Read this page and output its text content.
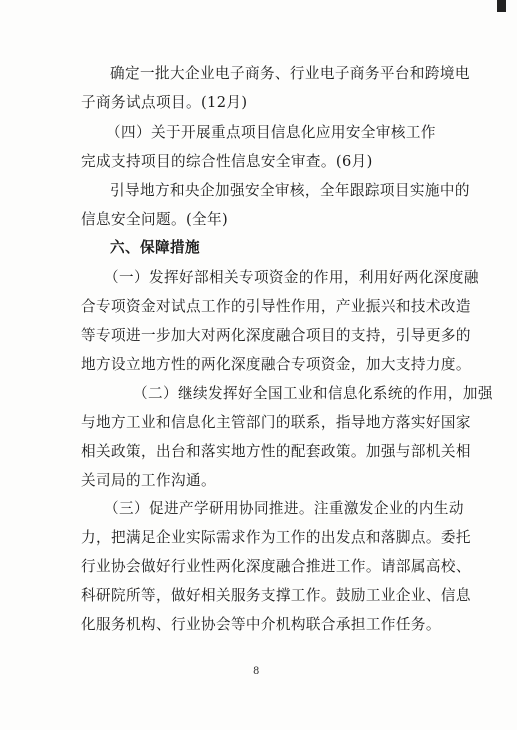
确定一批大企业电子商务、行业电子商务平台和跨境电
子商务试点项目。(12月)
（四）关于开展重点项目信息化应用安全审核工作
完成支持项目的综合性信息安全审查。(6月)
引导地方和央企加强安全审核，全年跟踪项目实施中的
信息安全问题。(全年)
六、保障措施
（一）发挥好部相关专项资金的作用，利用好两化深度融
合专项资金对试点工作的引导性作用，产业振兴和技术改造
等专项进一步加大对两化深度融合项目的支持，引导更多的
地方设立地方性的两化深度融合专项资金，加大支持力度。
（二）继续发挥好全国工业和信息化系统的作用，加强
与地方工业和信息化主管部门的联系，指导地方落实好国家
相关政策，出台和落实地方性的配套政策。加强与部机关相
关司局的工作沟通。
（三）促进产学研用协同推进。注重激发企业的内生动
力，把满足企业实际需求作为工作的出发点和落脚点。委托
行业协会做好行业性两化深度融合推进工作。请部属高校、
科研院所等，做好相关服务支撑工作。鼓励工业企业、信息
化服务机构、行业协会等中介机构联合承担工作任务。
8
